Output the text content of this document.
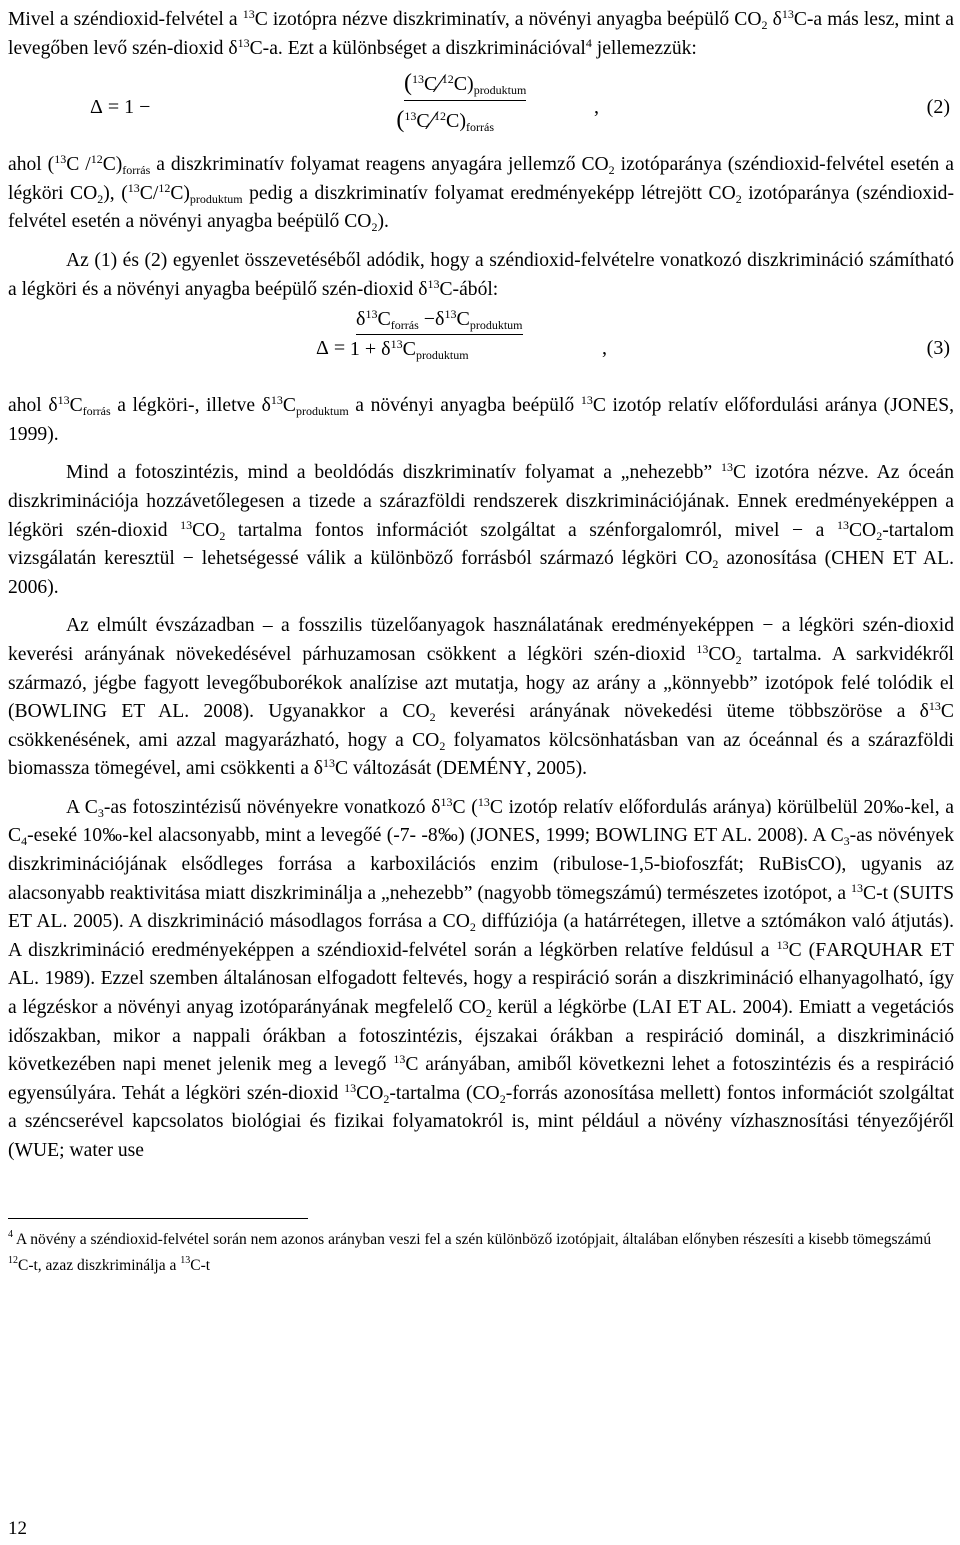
Mivel a széndioxid-felvétel a $^{13}$C izotópra nézve diszkriminatív, a növényi anyagba beépülő $CO_2$ $\delta^{13}C-a$ más lesz, mint a levegőben levő szén-dioxid $\delta^{13}C-a$. Ezt a különbséget a diszkriminációval$^4$ jellemezzük:

Δ
= 1 −
$(^{13}C⁄^{12}C)_{produktum}$
$(^{13}C⁄^{12}C)_{forrás}$
,	(2)

ahol ($^{13}$C $/^{12}C)_{forrás}$ a diszkriminatív folyamat reagens anyagára jellemző $CO_2$ izotóparánya (széndioxid-felvétel esetén a légköri $CO_2$), $(^{13}C/^{12}C)_{produktum}$ pedig a diszkriminatív folyamat eredményeképp létrejött $CO_2$ izotóparánya (széndioxid-felvétel esetén a növényi anyagba beépülő $CO_2$).

Az (1) és (2) egyenlet összevetéséből adódik, hogy a széndioxid-felvételre vonatkozó diszkrimináció számítható a légköri és a növényi anyagba beépülő szén-dioxid $\delta^{13}C$-ából:

Δ
=
$\delta^{13}C_{forrás} -\delta^{13}C_{produktum}$
$1 + \delta^{13}C_{produktum}$	,	(3)

ahol $\delta^{13}C_{forrás}$ a légköri-, illetve $\delta^{13}C_{produktum}$ a növényi anyagba beépülő $^{13}$C izotóp relatív előfordulási aránya (JONES, 1999).

Mind a fotoszintézis, mind a beoldódás diszkriminatív folyamat a „nehezebb” $^{13}$C izotóra nézve. Az óceán diszkriminációja hozzávetőlegesen a tizede a szárazföldi rendszerek diszkriminációjának. Ennek eredményeképpen a légköri szén-dioxid $^{13}CO_2$ tartalma fontos információt szolgáltat a szénforgalomról, mivel − a $^{13}CO_2$-tartalom vizsgálatán keresztül − lehetségessé válik a különböző forrásból származó légköri $CO_2$ azonosítása (CHEN ET AL. 2006).

Az elmúlt évszázadban – a fosszilis tüzelőanyagok használatának eredményeképpen − a légköri szén-dioxid keverési arányának növekedésével párhuzamosan csökkent a légköri szén-dioxid $^{13}CO_2$ tartalma. A sarkvidékről származó, jégbe fagyott levegőbuborékok analízise azt mutatja, hogy az arány a „könnyebb” izotópok felé tolódik el (BOWLING ET AL. 2008). Ugyanakkor a $CO_2$ keverési arányának növekedési üteme többszöröse a $\delta^{13}C$ csökkenésének, ami azzal magyarázható, hogy a $CO_2$ folyamatos kölcsönhatásban van az óceánnal és a szárazföldi biomassza tömegével, ami csökkenti a $\delta^{13}C$ változását (DEMÉNY, 2005).

A $C_3-as$ fotoszintézisű növényekre vonatkozó $\delta^{13}C$ ($^{13}$C izotóp relatív előfordulás aránya) körülbelül 20‰-kel, a $C_4$-eseké 10‰-kel alacsonyabb, mint a levegőé (-7- -8‰) (JONES, 1999; BOWLING ET AL. 2008). A $C_3-as$ növények diszkriminációjának elsődleges forrása a karboxilációs enzim (ribulose-1,5-biofoszfát; RuBisCO), ugyanis az alacsonyabb reaktivitása miatt diszkriminálja a „nehezebb” (nagyobb tömegszámú) természetes izotópot, a $^{13}$C-t (SUITS ET AL. 2005). A diszkrimináció másodlagos forrása a $CO_2$ diffúziója (a határrétegen, illetve a sztómákon való átjutás). A diszkrimináció eredményeképpen a széndioxid-felvétel során a légkörben relatíve feldúsul a $^{13}$C (FARQUHAR ET AL. 1989). Ezzel szemben általánosan elfogadott feltevés, hogy a respiráció során a diszkrimináció elhanyagolható, így a légzéskor a növényi anyag izotóparányának megfelelő $CO_2$ kerül a légkörbe (LAI ET AL. 2004). Emiatt a vegetációs időszakban, mikor a nappali órákban a fotoszintézis, éjszakai órákban a respiráció dominál, a diszkrimináció következében napi menet jelenik meg a levegő $^{13}$C arányában, amiből következni lehet a fotoszintézis és a respiráció egyensúlyára. Tehát a légköri szén-dioxid $^{13}CO_2$-tartalma ($CO_2$-forrás azonosítása mellett) fontos információt szolgáltat a széncserével kapcsolatos biológiai és fizikai folyamatokról is, mint például a növény vízhasznosítási tényezőjéről (WUE; water use

$^4$ A növény a széndioxid-felvétel során nem azonos arányban veszi fel a szén különböző izotópjait, általában előnyben részesíti a kisebb tömegszámú $^{12}$C-t, azaz diszkriminálja a $^{13}$C-t

12
